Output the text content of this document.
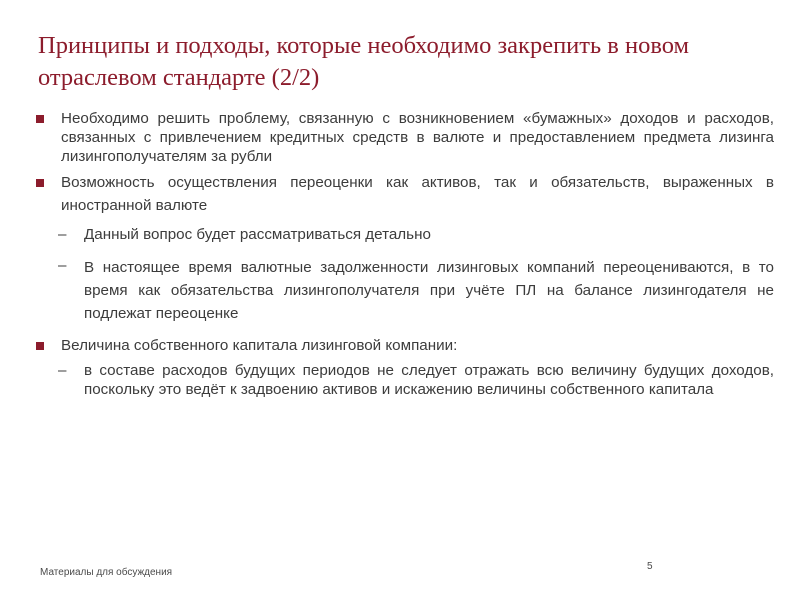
Принципы и подходы, которые необходимо закрепить в новом отраслевом стандарте (2/2)
Необходимо решить проблему, связанную с возникновением «бумажных» доходов и расходов, связанных с привлечением кредитных средств в валюте и предоставлением предмета лизинга лизингополучателям за рубли
Возможность осуществления переоценки как активов, так и обязательств, выраженных в иностранной валюте
– Данный вопрос будет рассматриваться детально
– В настоящее время валютные задолженности лизинговых компаний переоцениваются, в то время как обязательства лизингополучателя при учёте ПЛ на балансе лизингодателя не подлежат переоценке
Величина собственного капитала лизинговой компании:
– в составе расходов будущих периодов не следует отражать всю величину будущих доходов, поскольку это ведёт к задвоению активов и искажению величины собственного капитала
5
Материалы для обсуждения
